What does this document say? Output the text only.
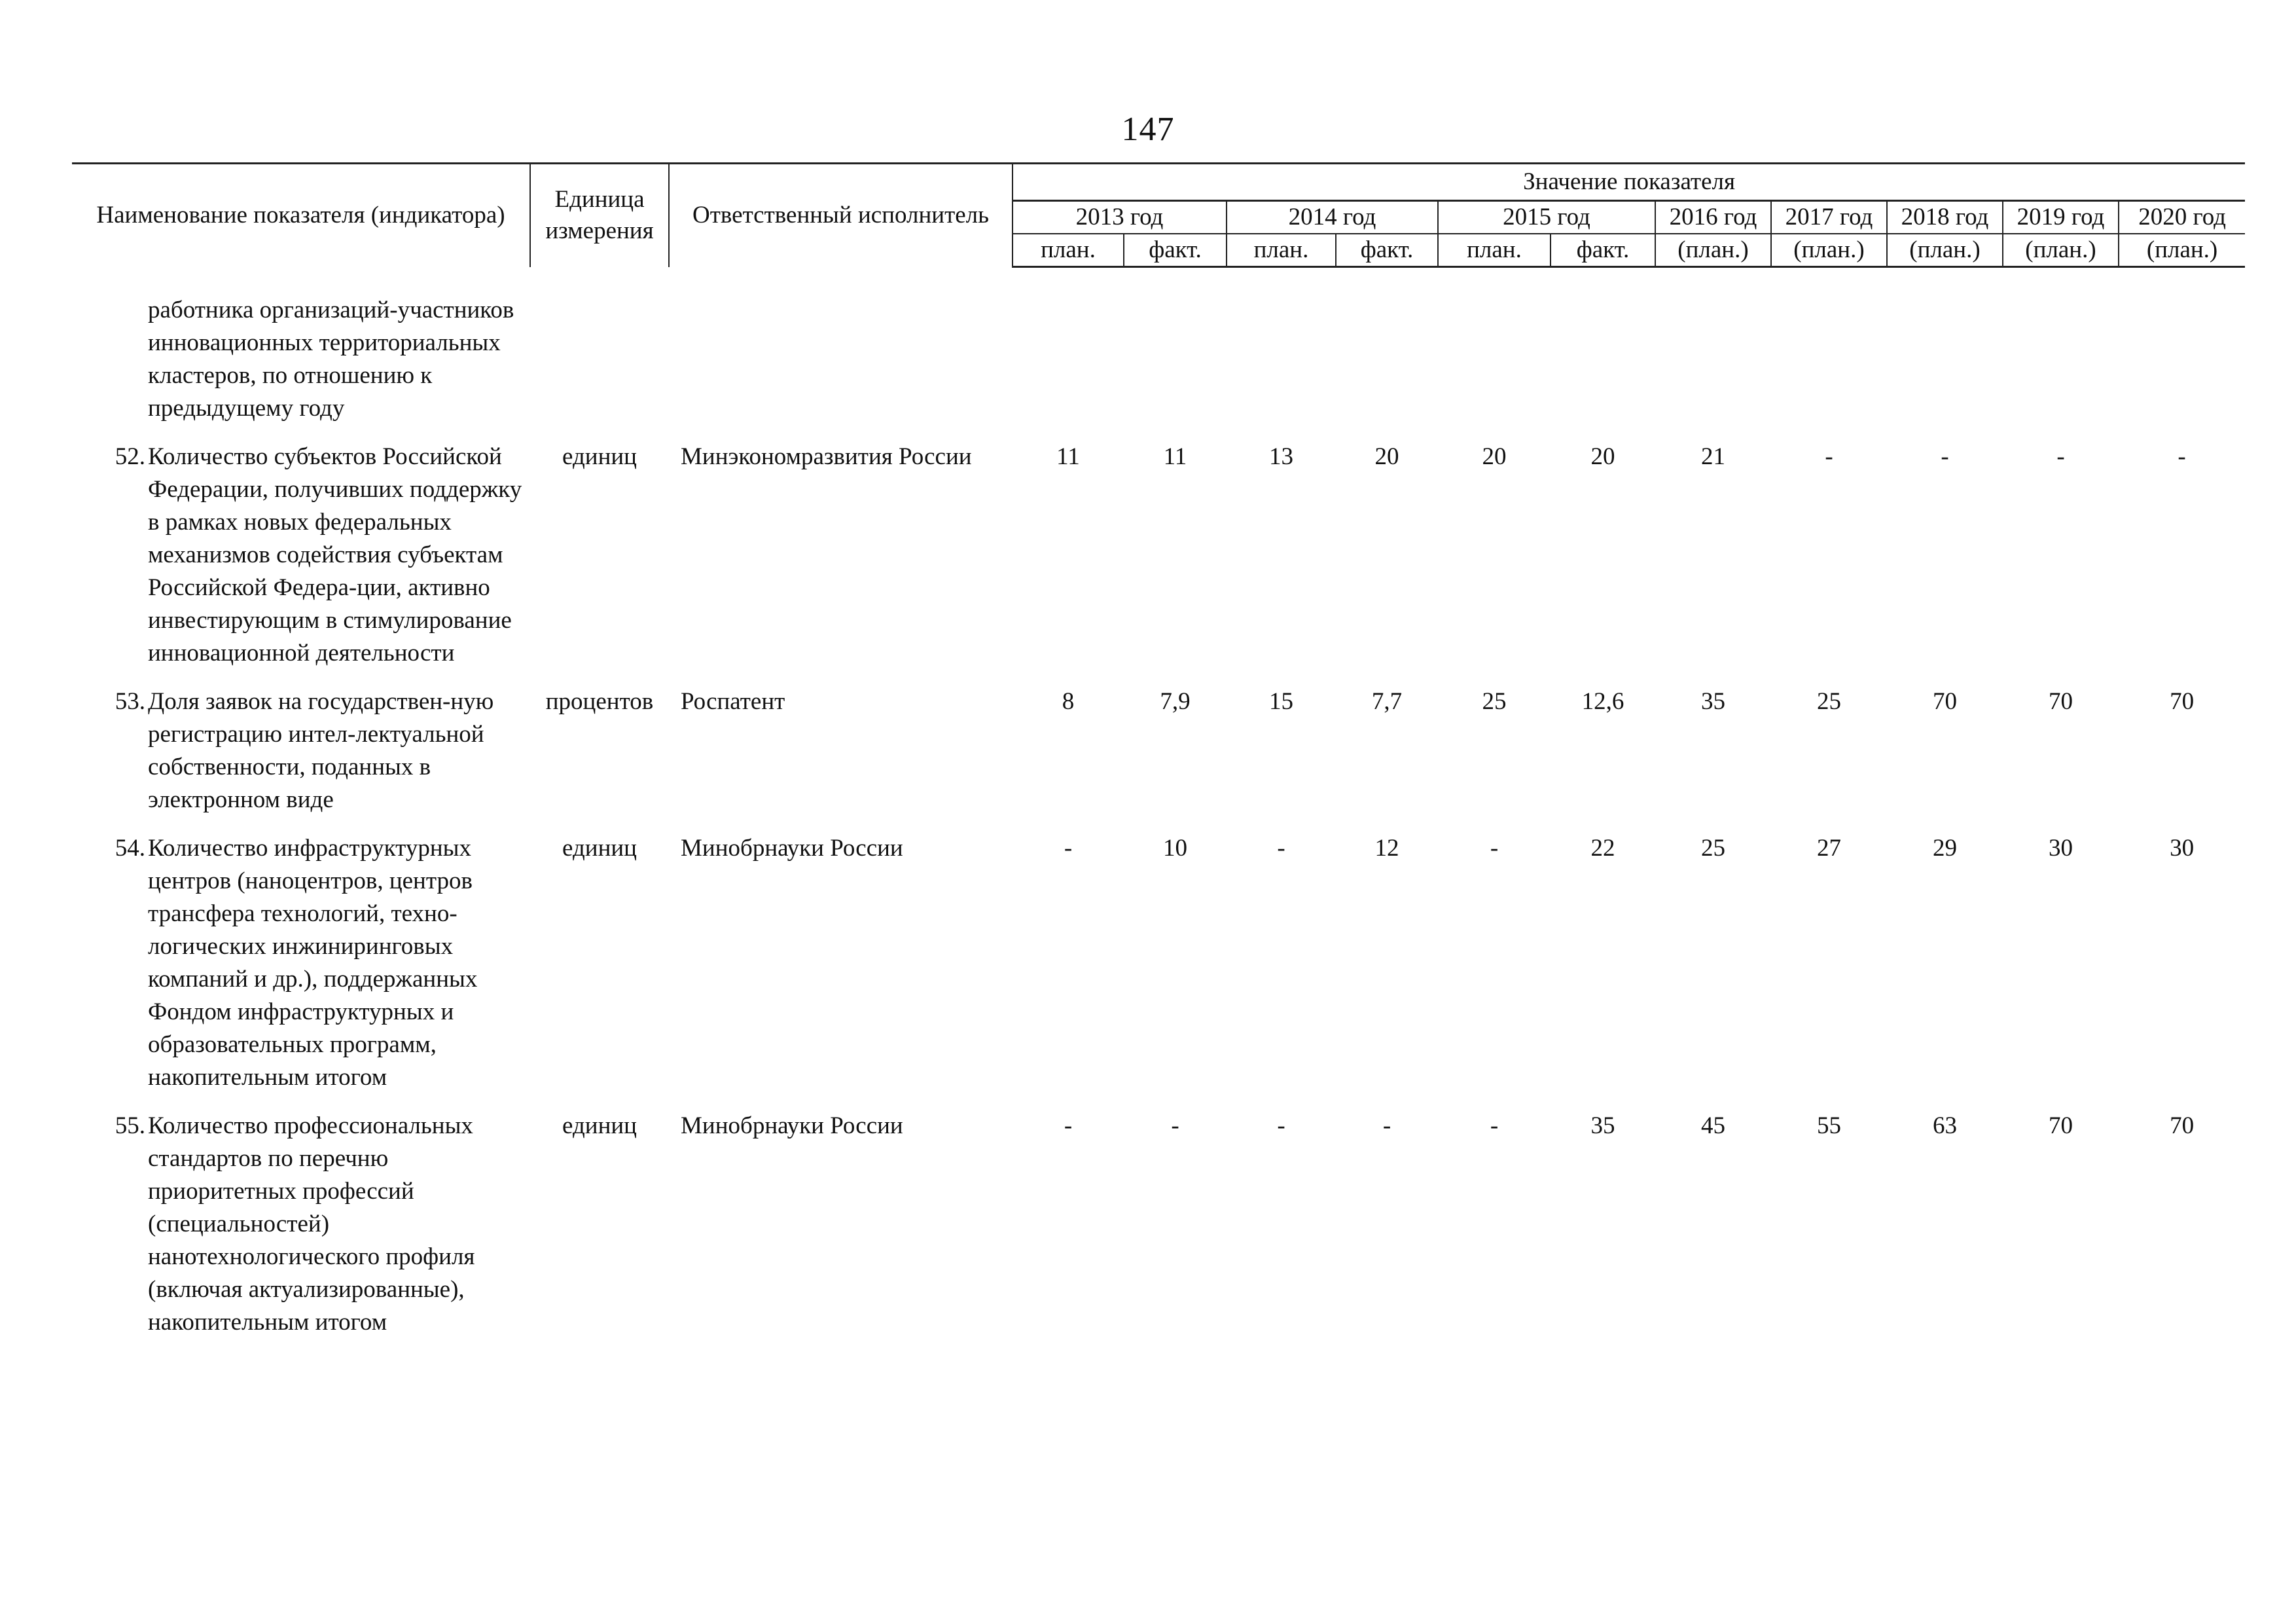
147
Наименование показателя (индикатора)	Единица измерения	Ответственный исполнитель	Значение показателя										
			2013 год		2014 год		2015 год		2016 год	2017 год	2018 год	2019 год	2020 год
			план.	факт.	план.	факт.	план.	факт.	(план.)	(план.)	(план.)	(план.)	(план.)

работника организаций-участников инновационных территориальных кластеров, по отношению к предыдущему году													

52. Количество субъектов Российской Федерации, получивших поддержку в рамках новых федеральных механизмов содействия субъектам Российской Федера-ции, активно инвестирующим в стимулирование инновационной деятельности	единиц	Минэкономразвития России	11	11	13	20	20	20	21	-	-	-	-

53. Доля заявок на государствен-ную регистрацию интел-лектуальной собственности, поданных в электронном виде	процентов	Роспатент	8	7,9	15	7,7	25	12,6	35	25	70	70	70

54. Количество инфраструктурных центров (наноцентров, центров трансфера технологий, техно-логических инжиниринговых компаний и др.), поддержанных Фондом инфраструктурных и образовательных программ, накопительным итогом	единиц	Минобрнауки России	-	10	-	12	-	22	25	27	29	30	30

55. Количество профессиональных стандартов по перечню приоритетных профессий (специальностей) нанотехнологического профиля (включая актуализированные), накопительным итогом	единиц	Минобрнауки России	-	-	-	-	-	35	45	55	63	70	70
